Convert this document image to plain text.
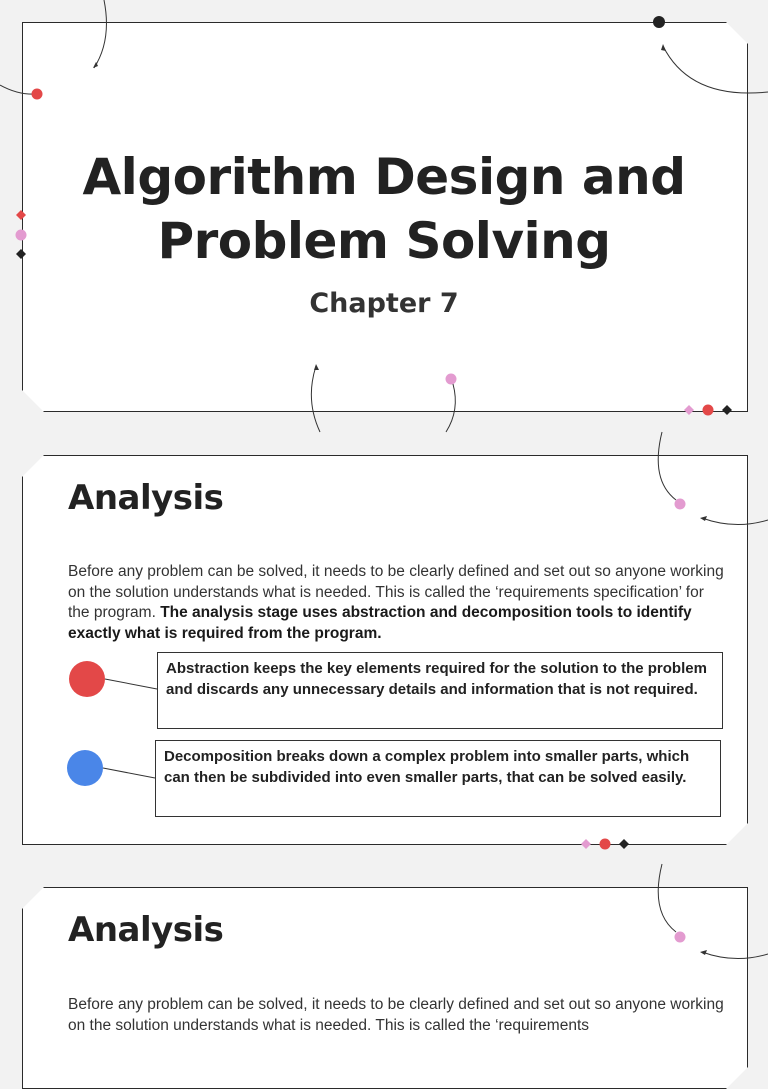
Algorithm Design and
Problem Solving
Chapter 7
Analysis
Before any problem can be solved, it needs to be clearly defined and set out so anyone working on the solution understands what is needed. This is called the ‘requirements specification’ for the program. The analysis stage uses abstraction and decomposition tools to identify exactly what is required from the program.
Abstraction keeps the key elements required for the solution to the problem and discards any unnecessary details and information that is not required.
Decomposition breaks down a complex problem into smaller parts, which can then be subdivided into even smaller parts, that can be solved easily.
Analysis
Before any problem can be solved, it needs to be clearly defined and set out so anyone working on the solution understands what is needed. This is called the ‘requirements
